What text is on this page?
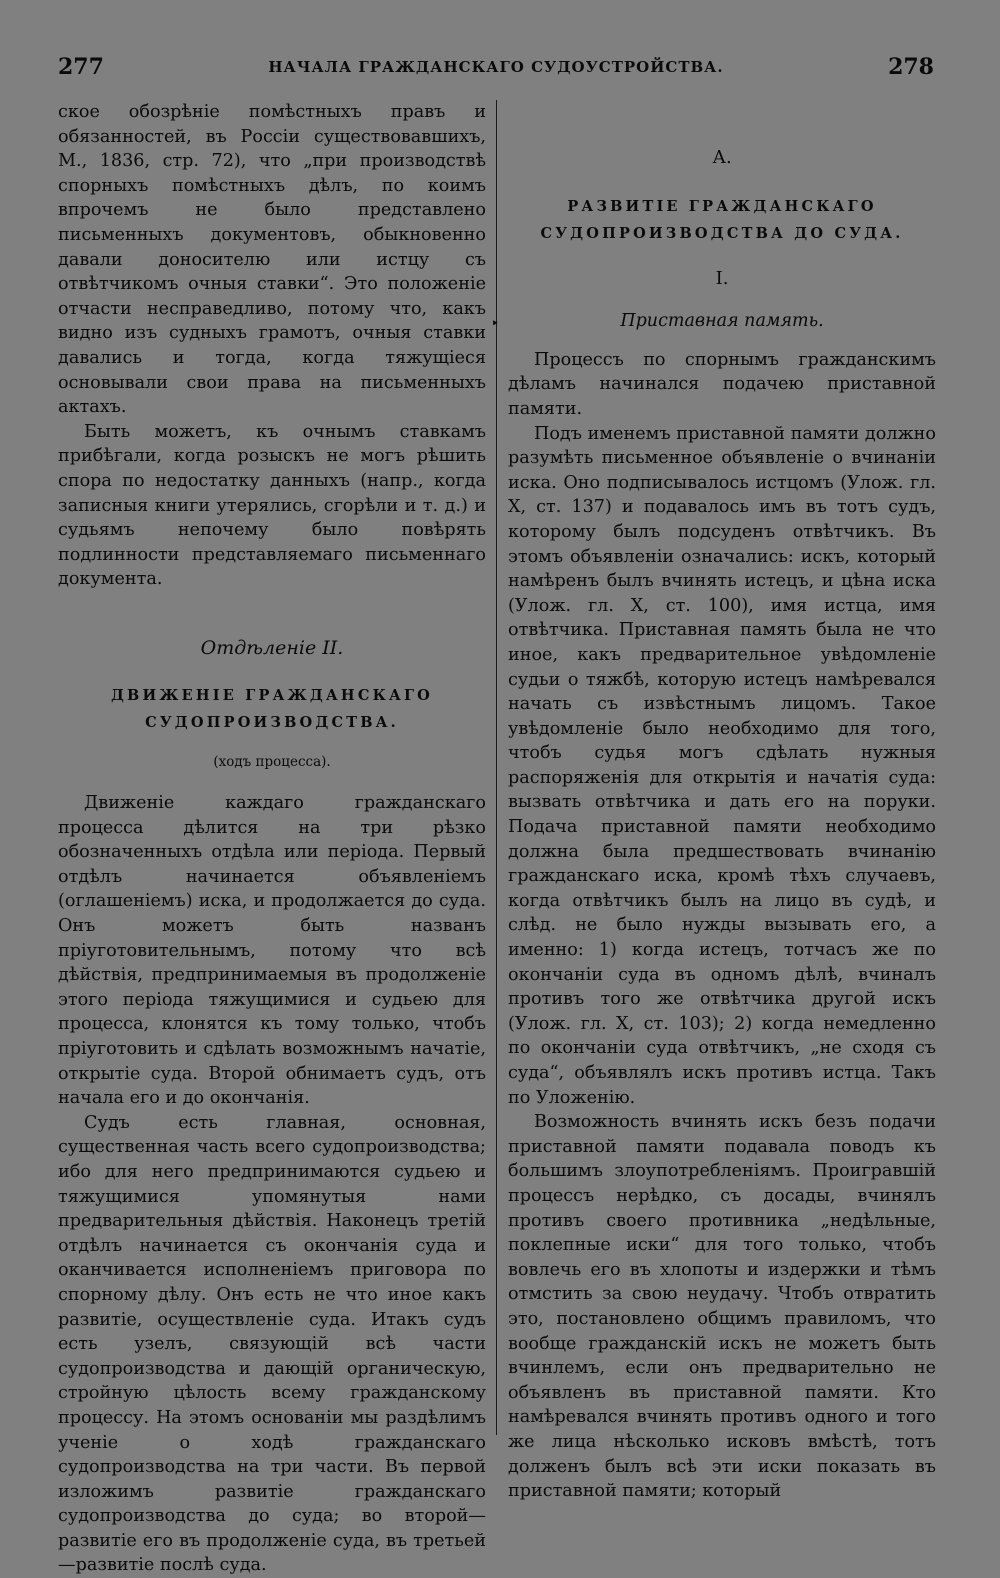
277	НАЧАЛА ГРАЖДАНСКАГО СУДОУСТРОЙСТВА.	278

ское обозрѣніе помѣстныхъ правъ и обязанностей, въ Россіи существовавшихъ, М., 1836, стр. 72), что „при производствѣ спорныхъ помѣстныхъ дѣлъ, по коимъ впрочемъ не было представлено письменныхъ документовъ, обыкновенно давали доносителю или истцу съ отвѣтчикомъ очныя ставки“. Это положеніе отчасти несправедливо, потому что, какъ видно изъ судныхъ грамотъ, очныя ставки давались и тогда, когда тяжущіеся основывали свои права на письменныхъ актахъ.

Быть можетъ, къ очнымъ ставкамъ прибѣгали, когда розыскъ не могъ рѣшить спора по недостатку данныхъ (напр., когда записныя книги утерялись, сгорѣли и т. д.) и судьямъ непочему было повѣрять подлинности представляемаго письменнаго документа.

Отдѣленіе II.
ДВИЖЕНІЕ ГРАЖДАНСКАГО СУДОПРОИЗВОДСТВА.
(ходъ процесса).

Движеніе каждаго гражданскаго процесса дѣлится на три рѣзко обозначенныхъ отдѣла или періода. Первый отдѣлъ начинается объявленіемъ (оглашеніемъ) иска, и продолжается до суда. Онъ можетъ быть названъ пріуготовительнымъ, потому что всѣ дѣйствія, предпринимаемыя въ продолженіе этого періода тяжущимися и судьею для процесса, клонятся къ тому только, чтобъ пріуготовить и сдѣлать возможнымъ начатіе, открытіе суда. Второй обнимаетъ судъ, отъ начала его и до окончанія.

Судъ есть главная, основная, существенная часть всего судопроизводства; ибо для него предпринимаются судьею и тяжущимися упомянутыя нами предварительныя дѣйствія. Наконецъ третій отдѣлъ начинается съ окончанія суда и оканчивается исполненіемъ приговора по спорному дѣлу. Онъ есть не что иное какъ развитіе, осуществленіе суда. Итакъ судъ есть узелъ, связующій всѣ части судопроизводства и дающій органическую, стройную цѣлость всему гражданскому процессу. На этомъ основаніи мы раздѣлимъ ученіе о ходѣ гражданскаго судопроизводства на три части. Въ первой изложимъ развитіе гражданскаго судопроизводства до суда; во второй—развитіе его въ продолженіе суда, въ третьей—развитіе послѣ суда.

‣
А.
РАЗВИТІЕ ГРАЖДАНСКАГО СУДОПРОИЗВОДСТВА ДО СУДА.
I.
Приставная память.

Процессъ по спорнымъ гражданскимъ дѣламъ начинался подачею приставной памяти.

Подъ именемъ приставной памяти должно разумѣть письменное объявленіе о вчинаніи иска. Оно подписывалось истцомъ (Улож. гл. X, ст. 137) и подавалось имъ въ тотъ судъ, которому былъ подсуденъ отвѣтчикъ. Въ этомъ объявленіи означались: искъ, который намѣренъ былъ вчинять истецъ, и цѣна иска (Улож. гл. X, ст. 100), имя истца, имя отвѣтчика. Приставная память была не что иное, какъ предварительное увѣдомленіе судьи о тяжбѣ, которую истецъ намѣревался начать съ извѣстнымъ лицомъ. Такое увѣдомленіе было необходимо для того, чтобъ судья могъ сдѣлать нужныя распоряженія для открытія и начатія суда: вызвать отвѣтчика и дать его на поруки. Подача приставной памяти необходимо должна была предшествовать вчинанію гражданскаго иска, кромѣ тѣхъ случаевъ, когда отвѣтчикъ былъ на лицо въ судѣ, и слѣд. не было нужды вызывать его, а именно: 1) когда истецъ, тотчасъ же по окончаніи суда въ одномъ дѣлѣ, вчиналъ противъ того же отвѣтчика другой искъ (Улож. гл. X, ст. 103); 2) когда немедленно по окончаніи суда отвѣтчикъ, „не сходя съ суда“, объявлялъ искъ противъ истца. Такъ по Уложенію.

Возможность вчинять искъ безъ подачи приставной памяти подавала поводъ къ большимъ злоупотребленіямъ. Проигравшій процессъ нерѣдко, съ досады, вчинялъ противъ своего противника „недѣльные, поклепные иски“ для того только, чтобъ вовлечь его въ хлопоты и издержки и тѣмъ отмстить за свою неудачу. Чтобъ отвратить это, постановлено общимъ правиломъ, что вообще гражданскій искъ не можетъ быть вчинлемъ, если онъ предварительно не объявленъ въ приставной памяти. Кто намѣревался вчинять противъ одного и того же лица нѣсколько исковъ вмѣстѣ, тотъ долженъ былъ всѣ эти иски показать въ приставной памяти; который
